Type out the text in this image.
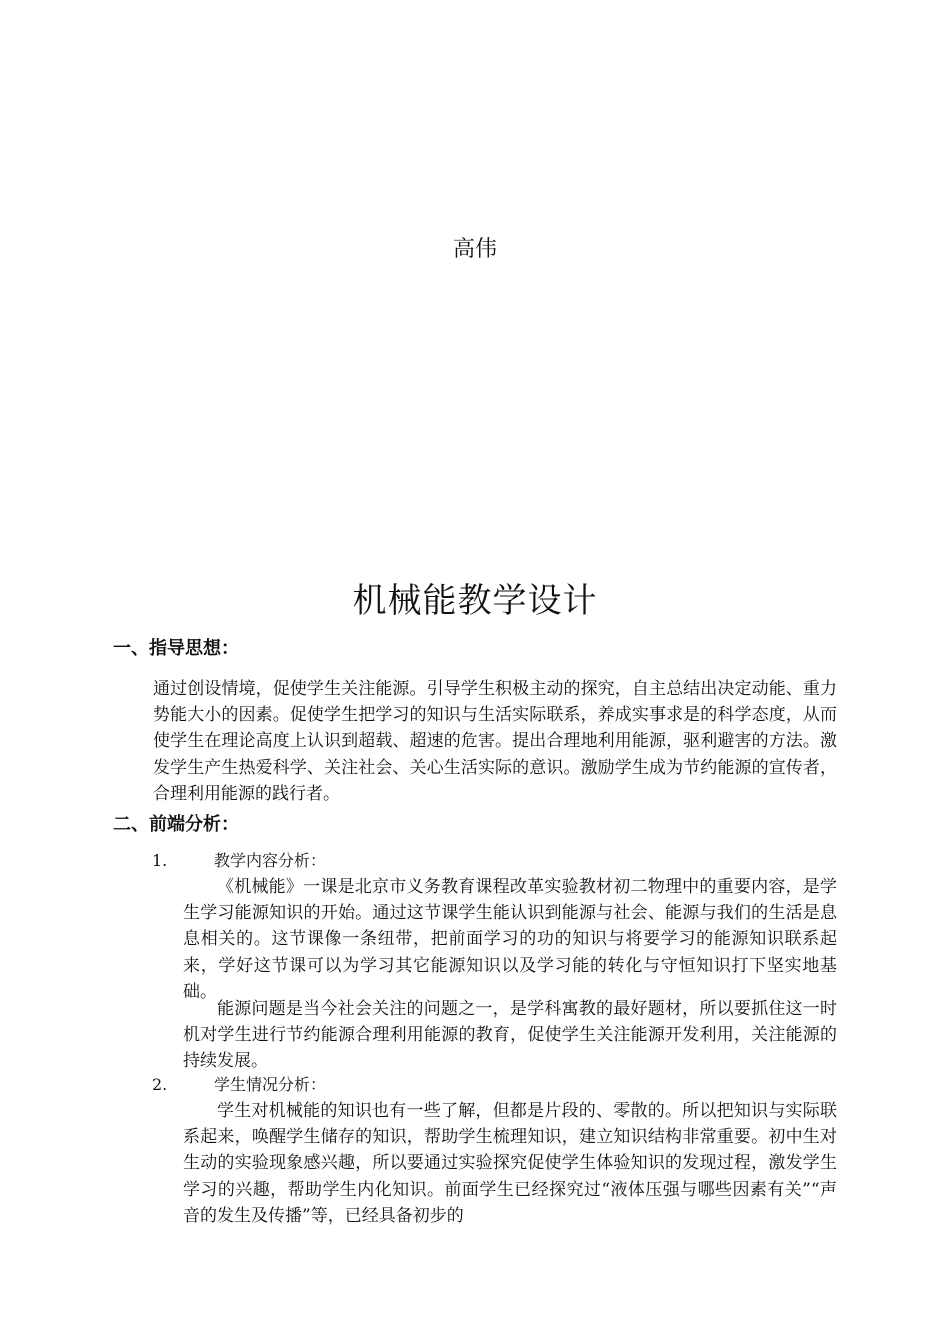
高伟
机械能教学设计
一、指导思想：

通过创设情境，促使学生关注能源。引导学生积极主动的探究，自主总结出决定动能、重力势能大小的因素。促使学生把学习的知识与生活实际联系，养成实事求是的科学态度，从而使学生在理论高度上认识到超载、超速的危害。提出合理地利用能源，驱利避害的方法。激发学生产生热爱科学、关注社会、关心生活实际的意识。激励学生成为节约能源的宣传者，合理利用能源的践行者。

二、前端分析：
1.	教学内容分析：

《机械能》一课是北京市义务教育课程改革实验教材初二物理中的重要内容，是学生学习能源知识的开始。通过这节课学生能认识到能源与社会、能源与我们的生活是息息相关的。这节课像一条纽带，把前面学习的功的知识与将要学习的能源知识联系起来，学好这节课可以为学习其它能源知识以及学习能的转化与守恒知识打下坚实地基础。

能源问题是当今社会关注的问题之一，是学科寓教的最好题材，所以要抓住这一时机对学生进行节约能源合理利用能源的教育，促使学生关注能源开发利用，关注能源的持续发展。

2.	学生情况分析：

学生对机械能的知识也有一些了解，但都是片段的、零散的。所以把知识与实际联系起来，唤醒学生储存的知识，帮助学生梳理知识，建立知识结构非常重要。初中生对生动的实验现象感兴趣，所以要通过实验探究促使学生体验知识的发现过程，激发学生学习的兴趣，帮助学生内化知识。前面学生已经探究过“液体压强与哪些因素有关”“声音的发生及传播”等，已经具备初步的
